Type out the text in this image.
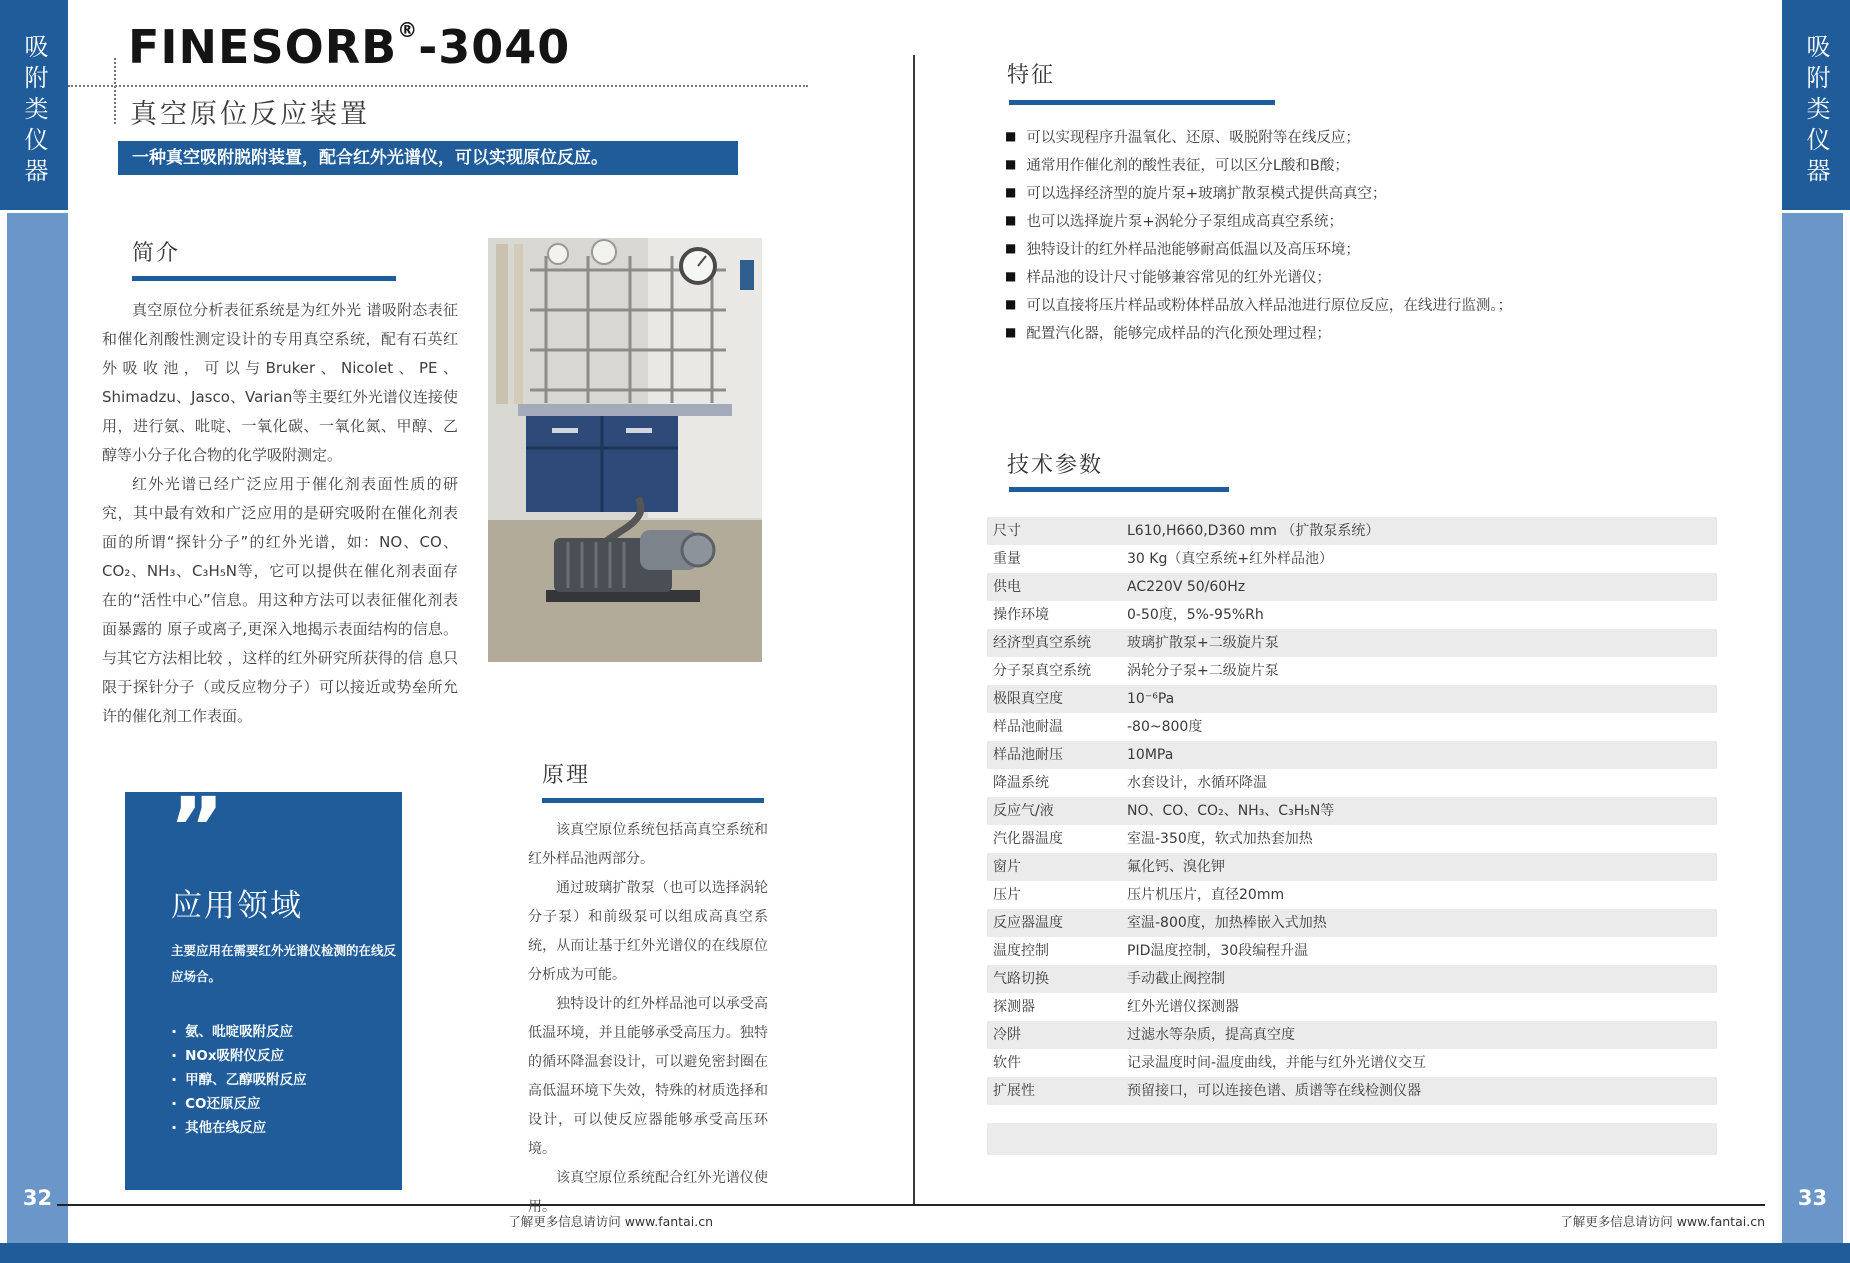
吸附类仪器
32
吸附类仪器
33
FINESORB®-3040
真空原位反应装置
一种真空吸附脱附装置，配合红外光谱仪，可以实现原位反应。
简介

真空原位分析表征系统是为红外光 谱吸附态表征和催化剂酸性测定设计的专用真空系统，配有石英红外吸收池，可以与Bruker、Nicolet、PE、Shimadzu、Jasco、Varian等主要红外光谱仪连接使用，进行氨、吡啶、一氧化碳、一氧化氮、甲醇、乙醇等小分子化合物的化学吸附测定。

红外光谱已经广泛应用于催化剂表面性质的研究，其中最有效和广泛应用的是研究吸附在催化剂表面的所谓“探针分子”的红外光谱，如：NO、CO、CO₂、NH₃、C₃H₅N等，它可以提供在催化剂表面存在的“活性中心”信息。用这种方法可以表征催化剂表面暴露的 原子或离子,更深入地揭示表面结构的信息。与其它方法相比较 ，这样的红外研究所获得的信 息只限于探针分子（或反应物分子）可以接近或势垒所允许的催化剂工作表面。

”
应用领域
主要应用在需要红外光谱仪检测的在线反应场合。
· 氨、吡啶吸附反应
· NOx吸附仪反应
· 甲醇、乙醇吸附反应
· CO还原反应
· 其他在线反应
原理

该真空原位系统包括高真空系统和红外样品池两部分。

通过玻璃扩散泵（也可以选择涡轮分子泵）和前级泵可以组成高真空系统，从而让基于红外光谱仪的在线原位分析成为可能。

独特设计的红外样品池可以承受高低温环境，并且能够承受高压力。独特的循环降温套设计，可以避免密封圈在高低温环境下失效，特殊的材质选择和设计，可以使反应器能够承受高压环境。

该真空原位系统配合红外光谱仪使用。

特征
■ 可以实现程序升温氧化、还原、吸脱附等在线反应；
■ 通常用作催化剂的酸性表征，可以区分L酸和B酸；
■ 可以选择经济型的旋片泵+玻璃扩散泵模式提供高真空；
■ 也可以选择旋片泵+涡轮分子泵组成高真空系统；
■ 独特设计的红外样品池能够耐高低温以及高压环境；
■ 样品池的设计尺寸能够兼容常见的红外光谱仪；
■ 可以直接将压片样品或粉体样品放入样品池进行原位反应，在线进行监测。；
■ 配置汽化器，能够完成样品的汽化预处理过程；
技术参数
尺寸	L610,H660,D360 mm （扩散泵系统）
重量	30 Kg（真空系统+红外样品池）
供电	AC220V 50/60Hz
操作环境	0-50度，5%-95%Rh
经济型真空系统	玻璃扩散泵+二级旋片泵
分子泵真空系统	涡轮分子泵+二级旋片泵
极限真空度	10⁻⁶Pa
样品池耐温	-80~800度
样品池耐压	10MPa
降温系统	水套设计，水循环降温
反应气/液	NO、CO、CO₂、NH₃、C₃H₅N等
汽化器温度	室温-350度，软式加热套加热
窗片	氟化钙、溴化钾
压片	压片机压片，直径20mm
反应器温度	室温-800度，加热棒嵌入式加热
温度控制	PID温度控制，30段编程升温
气路切换	手动截止阀控制
探测器	红外光谱仪探测器
冷阱	过滤水等杂质，提高真空度
软件	记录温度时间-温度曲线，并能与红外光谱仪交互
扩展性	预留接口，可以连接色谱、质谱等在线检测仪器
了解更多信息请访问 www.fantai.cn	了解更多信息请访问 www.fantai.cn
